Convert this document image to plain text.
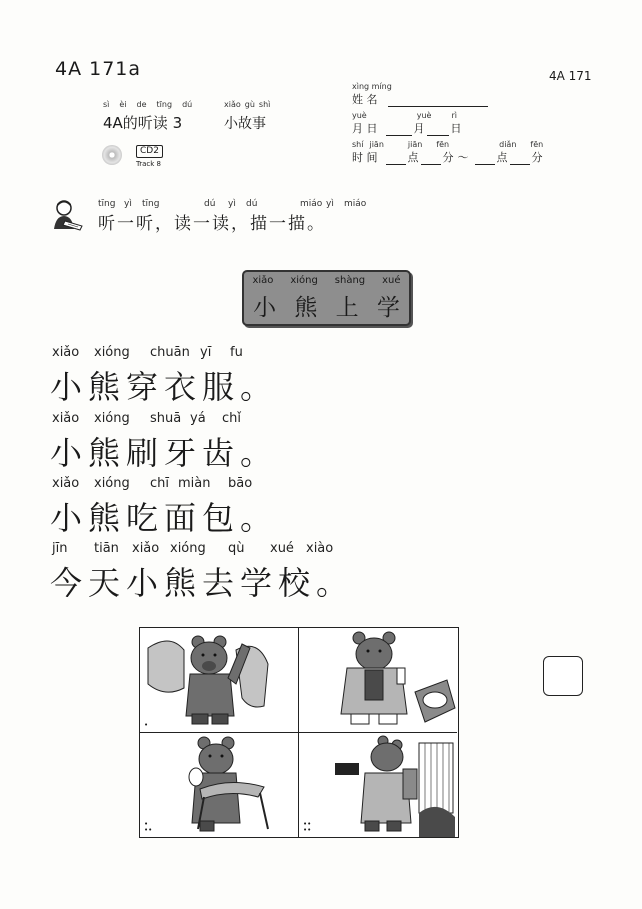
4A 171a	4A 171
sì èi de tīng dú
4A的听读 3
xiǎo gù shì
小故事
CD2
Track 8
xìng míng
姓 名
yuè	yuè	rì
月 日	月 日
shí jiān	jiān fēn	diǎn fēn
时 间	点 分 ～	点 分
tīng yì	tīng	dú	yì	dú	miáo yì	miáo
听一听，读一读，描一描。
xiǎo xióng shàng xué
小 熊 上 学
xiǎo xióng chuān yī fu
小熊穿衣服。
xiǎo xióng shuā yá chǐ
小熊刷牙齿。
xiǎo xióng chī miàn bāo
小熊吃面包。
jīn tiān xiǎo xióng qù xué xiào
今天小熊去学校。
•
•
••
••
••
